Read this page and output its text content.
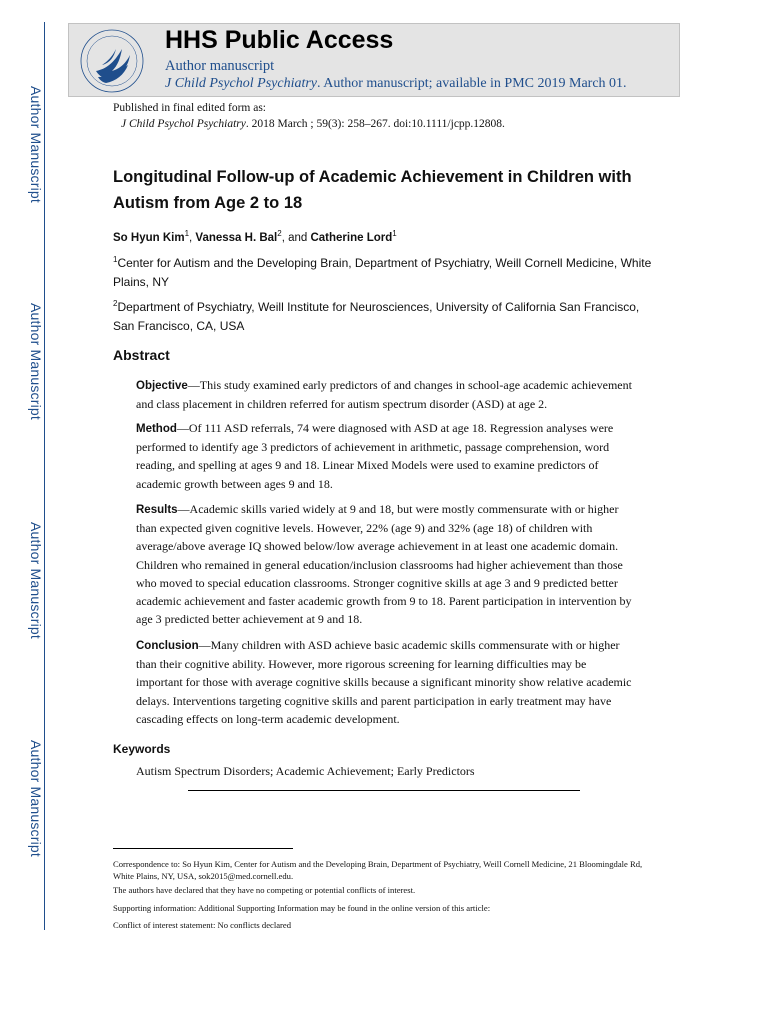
Author Manuscript
Author Manuscript
Author Manuscript
Author Manuscript
HHS Public Access
Author manuscript
J Child Psychol Psychiatry. Author manuscript; available in PMC 2019 March 01.
Published in final edited form as:
J Child Psychol Psychiatry. 2018 March ; 59(3): 258–267. doi:10.1111/jcpp.12808.
Longitudinal Follow-up of Academic Achievement in Children with Autism from Age 2 to 18
So Hyun Kim$^1$, Vanessa H. Bal$^2$, and Catherine Lord$^1$
$^1$Center for Autism and the Developing Brain, Department of Psychiatry, Weill Cornell Medicine, White Plains, NY
$^2$Department of Psychiatry, Weill Institute for Neurosciences, University of California San Francisco, San Francisco, CA, USA
Abstract
Objective—This study examined early predictors of and changes in school-age academic achievement and class placement in children referred for autism spectrum disorder (ASD) at age 2.
Method—Of 111 ASD referrals, 74 were diagnosed with ASD at age 18. Regression analyses were performed to identify age 3 predictors of achievement in arithmetic, passage comprehension, word reading, and spelling at ages 9 and 18. Linear Mixed Models were used to examine predictors of academic growth between ages 9 and 18.
Results—Academic skills varied widely at 9 and 18, but were mostly commensurate with or higher than expected given cognitive levels. However, 22% (age 9) and 32% (age 18) of children with average/above average IQ showed below/low average achievement in at least one academic domain. Children who remained in general education/inclusion classrooms had higher achievement than those who moved to special education classrooms. Stronger cognitive skills at age 3 and 9 predicted better academic achievement and faster academic growth from 9 to 18. Parent participation in intervention by age 3 predicted better achievement at 9 and 18.
Conclusion—Many children with ASD achieve basic academic skills commensurate with or higher than their cognitive ability. However, more rigorous screening for learning difficulties may be important for those with average cognitive skills because a significant minority show relative academic delays. Interventions targeting cognitive skills and parent participation in early treatment may have cascading effects on long-term academic development.
Keywords
Autism Spectrum Disorders; Academic Achievement; Early Predictors
Correspondence to: So Hyun Kim, Center for Autism and the Developing Brain, Department of Psychiatry, Weill Cornell Medicine, 21 Bloomingdale Rd, White Plains, NY, USA, sok2015@med.cornell.edu.
The authors have declared that they have no competing or potential conflicts of interest.
Supporting information: Additional Supporting Information may be found in the online version of this article:
Conflict of interest statement: No conflicts declared
